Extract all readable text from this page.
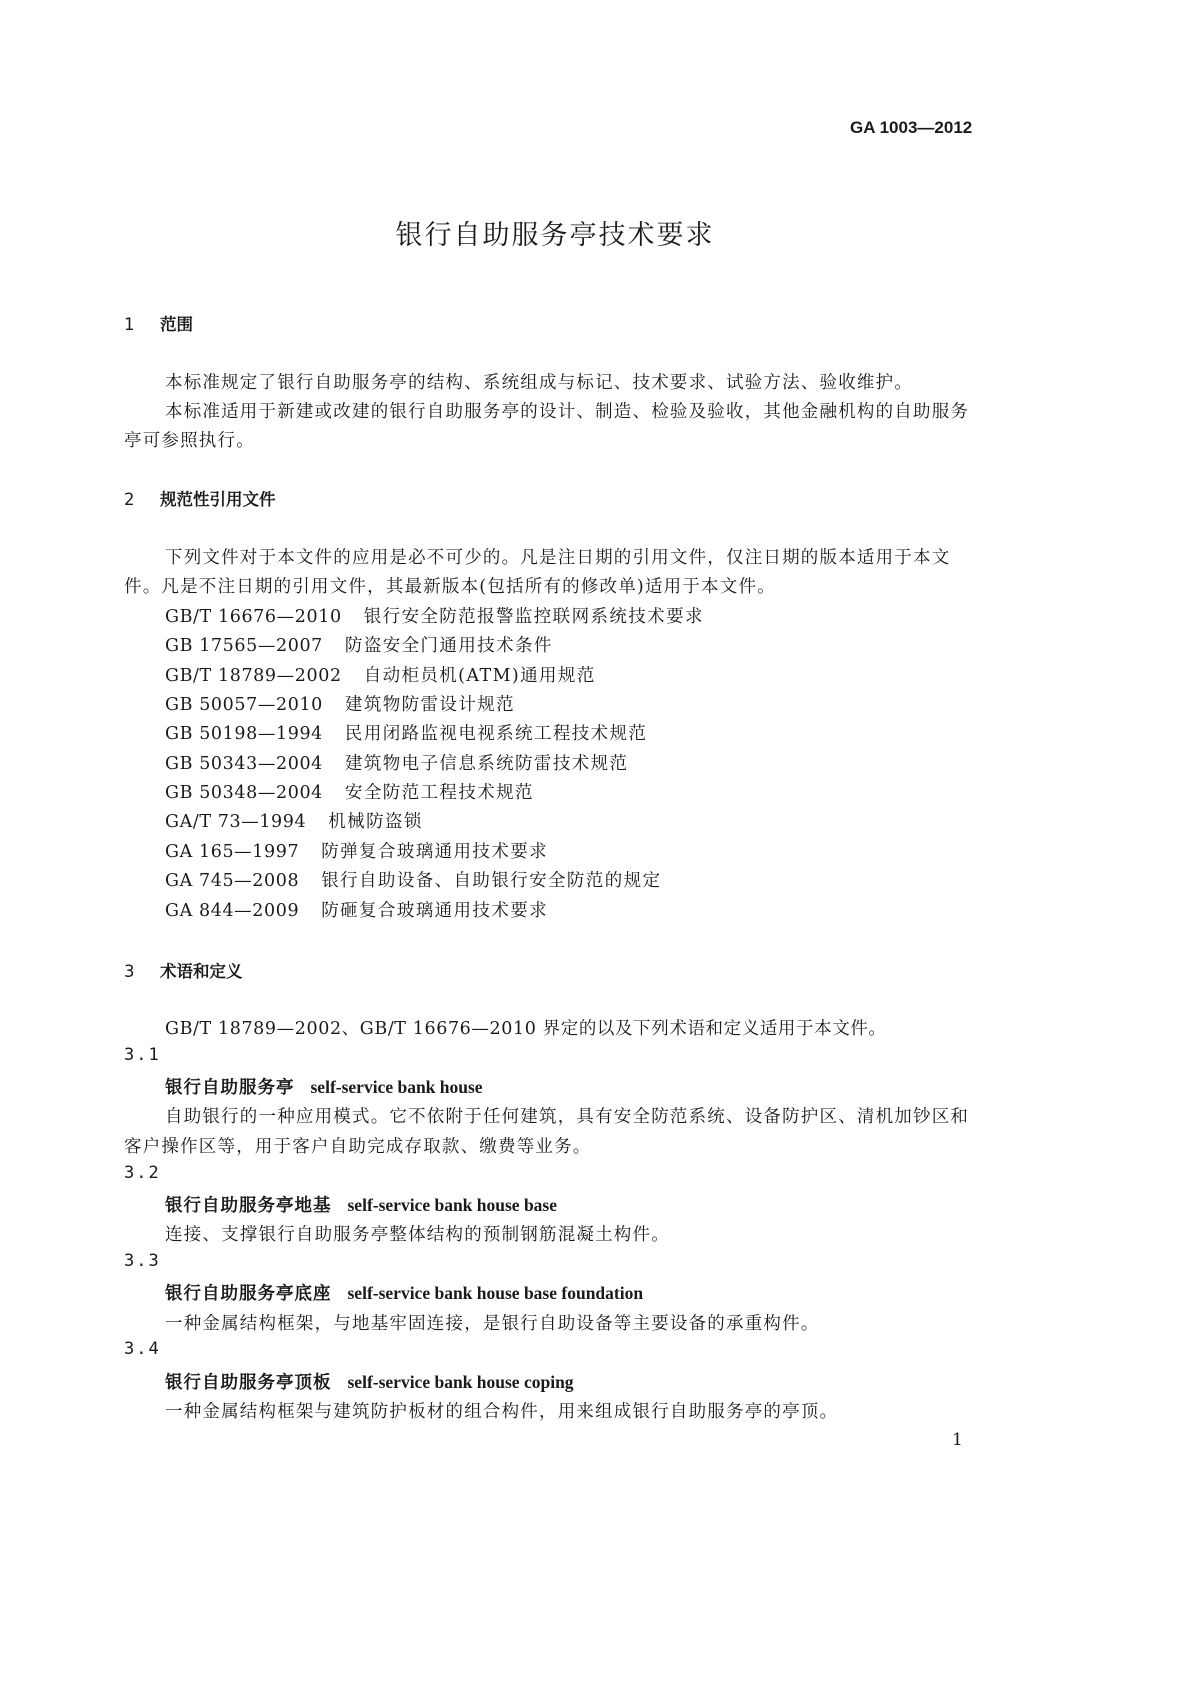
GA 1003—2012
银行自助服务亭技术要求
1 范围
本标准规定了银行自助服务亭的结构、系统组成与标记、技术要求、试验方法、验收维护。
本标准适用于新建或改建的银行自助服务亭的设计、制造、检验及验收，其他金融机构的自助服务
亭可参照执行。
2 规范性引用文件
下列文件对于本文件的应用是必不可少的。凡是注日期的引用文件，仅注日期的版本适用于本文
件。凡是不注日期的引用文件，其最新版本(包括所有的修改单)适用于本文件。
GB/T 16676—2010 银行安全防范报警监控联网系统技术要求
GB 17565—2007 防盗安全门通用技术条件
GB/T 18789—2002 自动柜员机(ATM)通用规范
GB 50057—2010 建筑物防雷设计规范
GB 50198—1994 民用闭路监视电视系统工程技术规范
GB 50343—2004 建筑物电子信息系统防雷技术规范
GB 50348—2004 安全防范工程技术规范
GA/T 73—1994 机械防盗锁
GA 165—1997 防弹复合玻璃通用技术要求
GA 745—2008 银行自助设备、自助银行安全防范的规定
GA 844—2009 防砸复合玻璃通用技术要求
3 术语和定义
GB/T 18789—2002、GB/T 16676—2010 界定的以及下列术语和定义适用于本文件。
3.1
银行自助服务亭 self-service bank house
自助银行的一种应用模式。它不依附于任何建筑，具有安全防范系统、设备防护区、清机加钞区和
客户操作区等，用于客户自助完成存取款、缴费等业务。
3.2
银行自助服务亭地基 self-service bank house base
连接、支撑银行自助服务亭整体结构的预制钢筋混凝土构件。
3.3
银行自助服务亭底座 self-service bank house base foundation
一种金属结构框架，与地基牢固连接，是银行自助设备等主要设备的承重构件。
3.4
银行自助服务亭顶板 self-service bank house coping
一种金属结构框架与建筑防护板材的组合构件，用来组成银行自助服务亭的亭顶。
1
